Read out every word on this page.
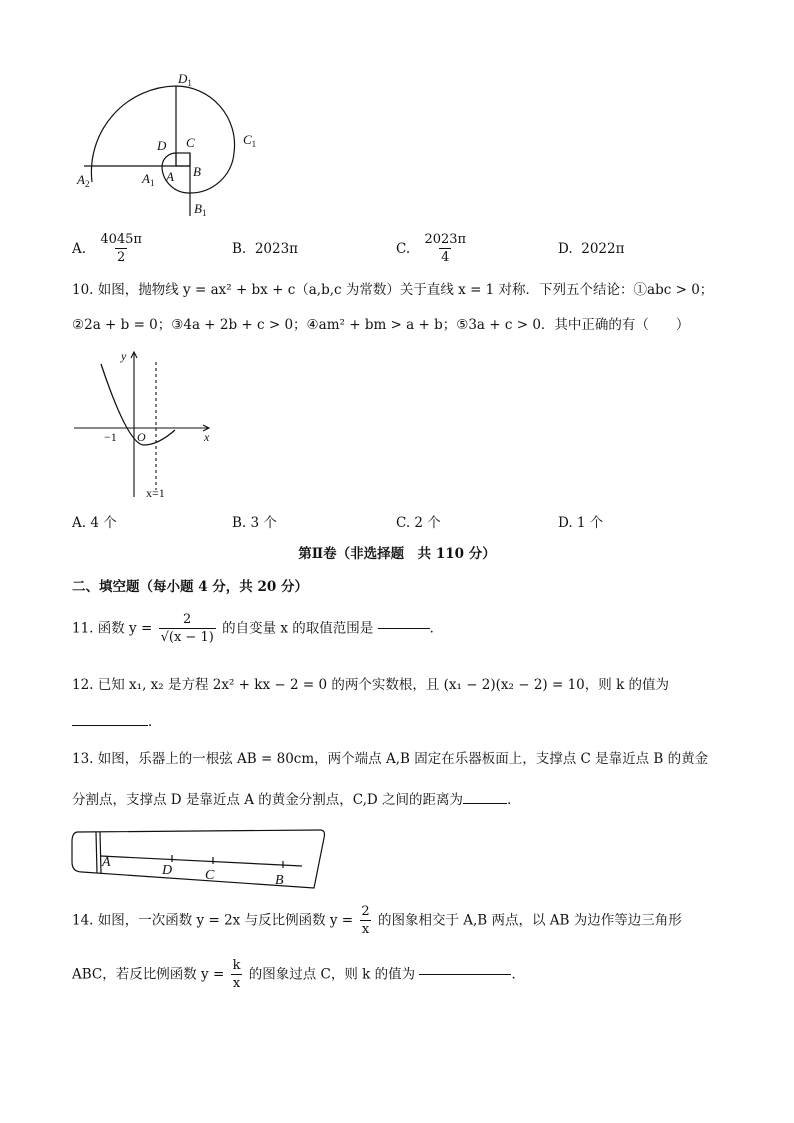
$D_1$
$C_1$
$A_2$	$A_1$
$B_1$
D C
A B
A. $\frac{4045\pi}{2}$	B. 2023π	C. $\frac{2023\pi}{4}$	D. 2022π
10. 如图，抛物线 y = ax² + bx + c（a,b,c 为常数）关于直线 x = 1 对称．下列五个结论：①abc > 0；
②2a + b = 0；③4a + 2b + c > 0；④am² + bm > a + b；⑤3a + c > 0．其中正确的有（　　）
y
x
O
−1
x=1
A. 4 个	B. 3 个	C. 2 个	D. 1 个
第Ⅱ卷（非选择题　共 110 分）
二、填空题（每小题 4 分，共 20 分）
11. 函数 $y = \frac{2}{√(x - 1)}$ 的自变量 x 的取值范围是	．
12. 已知 x₁, x₂ 是方程 2x² + kx − 2 = 0 的两个实数根，且 (x₁ − 2)(x₂ − 2) = 10，则 k 的值为
．
13. 如图，乐器上的一根弦 AB = 80cm，两个端点 A,B 固定在乐器板面上，支撑点 C 是靠近点 B 的黄金
分割点，支撑点 D 是靠近点 A 的黄金分割点，C,D 之间的距离为	．
A
D C	B
14. 如图，一次函数 y = 2x 与反比例函数 $y = \frac{2}{x}$ 的图象相交于 A,B 两点，以 AB 为边作等边三角形
ABC，若反比例函数 $y = \frac{k}{x}$ 的图象过点 C，则 k 的值为	．
